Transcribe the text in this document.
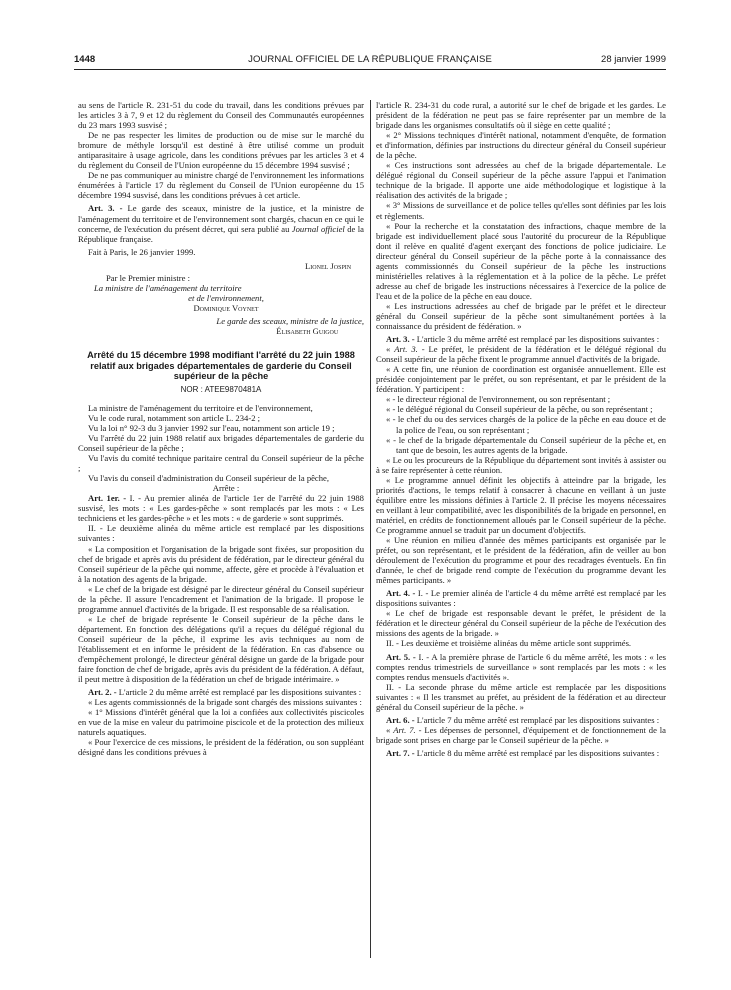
1448	JOURNAL OFFICIEL DE LA RÉPUBLIQUE FRANÇAISE	28 janvier 1999

au sens de l'article R. 231-51 du code du travail, dans les conditions prévues par les articles 3 à 7, 9 et 12 du règlement du Conseil des Communautés européennes du 23 mars 1993 susvisé ;

De ne pas respecter les limites de production ou de mise sur le marché du bromure de méthyle lorsqu'il est destiné à être utilisé comme un produit antiparasitaire à usage agricole, dans les conditions prévues par les articles 3 et 4 du règlement du Conseil de l'Union européenne du 15 décembre 1994 susvisé ;

De ne pas communiquer au ministre chargé de l'environnement les informations énumérées à l'article 17 du règlement du Conseil de l'Union européenne du 15 décembre 1994 susvisé, dans les conditions prévues à cet article.

Art. 3. - Le garde des sceaux, ministre de la justice, et la ministre de l'aménagement du territoire et de l'environnement sont chargés, chacun en ce qui le concerne, de l'exécution du présent décret, qui sera publié au Journal officiel de la République française.

Fait à Paris, le 26 janvier 1999.

Lionel Jospin

Par le Premier ministre :

La ministre de l'aménagement du territoire

et de l'environnement,

Dominique Voynet

Le garde des sceaux, ministre de la justice,

Élisabeth Guigou

Arrêté du 15 décembre 1998 modifiant l'arrêté du 22 juin 1988 relatif aux brigades départementales de garderie du Conseil supérieur de la pêche
NOR : ATEE9870481A

La ministre de l'aménagement du territoire et de l'environnement,

Vu le code rural, notamment son article L. 234-2 ;

Vu la loi n° 92-3 du 3 janvier 1992 sur l'eau, notamment son article 19 ;

Vu l'arrêté du 22 juin 1988 relatif aux brigades départementales de garderie du Conseil supérieur de la pêche ;

Vu l'avis du comité technique paritaire central du Conseil supérieur de la pêche ;

Vu l'avis du conseil d'administration du Conseil supérieur de la pêche,

Arrête :

Art. 1er. - I. - Au premier alinéa de l'article 1er de l'arrêté du 22 juin 1988 susvisé, les mots : « Les gardes-pêche » sont remplacés par les mots : « Les techniciens et les gardes-pêche » et les mots : « de garderie » sont supprimés.

II. - Le deuxième alinéa du même article est remplacé par les dispositions suivantes :

« La composition et l'organisation de la brigade sont fixées, sur proposition du chef de brigade et après avis du président de fédération, par le directeur général du Conseil supérieur de la pêche qui nomme, affecte, gère et procède à l'évaluation et à la notation des agents de la brigade.

« Le chef de la brigade est désigné par le directeur général du Conseil supérieur de la pêche. Il assure l'encadrement et l'animation de la brigade. Il propose le programme annuel d'activités de la brigade. Il est responsable de sa réalisation.

« Le chef de brigade représente le Conseil supérieur de la pêche dans le département. En fonction des délégations qu'il a reçues du délégué régional du Conseil supérieur de la pêche, il exprime les avis techniques au nom de l'établissement et en informe le président de la fédération. En cas d'absence ou d'empêchement prolongé, le directeur général désigne un garde de la brigade pour faire fonction de chef de brigade, après avis du président de la fédération. A défaut, il peut mettre à disposition de la fédération un chef de brigade intérimaire. »

Art. 2. - L'article 2 du même arrêté est remplacé par les dispositions suivantes :

« Les agents commissionnés de la brigade sont chargés des missions suivantes :

« 1° Missions d'intérêt général que la loi a confiées aux collectivités piscicoles en vue de la mise en valeur du patrimoine piscicole et de la protection des milieux naturels aquatiques.

« Pour l'exercice de ces missions, le président de la fédération, ou son suppléant désigné dans les conditions prévues à

l'article R. 234-31 du code rural, a autorité sur le chef de brigade et les gardes. Le président de la fédération ne peut pas se faire représenter par un membre de la brigade dans les organismes consultatifs où il siège en cette qualité ;

« 2° Missions techniques d'intérêt national, notamment d'enquête, de formation et d'information, définies par instructions du directeur général du Conseil supérieur de la pêche.

« Ces instructions sont adressées au chef de la brigade départementale. Le délégué régional du Conseil supérieur de la pêche assure l'appui et l'animation technique de la brigade. Il apporte une aide méthodologique et logistique à la réalisation des activités de la brigade ;

« 3° Missions de surveillance et de police telles qu'elles sont définies par les lois et règlements.

« Pour la recherche et la constatation des infractions, chaque membre de la brigade est individuellement placé sous l'autorité du procureur de la République dont il relève en qualité d'agent exerçant des fonctions de police judiciaire. Le directeur général du Conseil supérieur de la pêche porte à la connaissance des agents commissionnés du Conseil supérieur de la pêche les instructions ministérielles relatives à la réglementation et à la police de la pêche. Le préfet adresse au chef de brigade les instructions nécessaires à l'exercice de la police de l'eau et de la police de la pêche en eau douce.

« Les instructions adressées au chef de brigade par le préfet et le directeur général du Conseil supérieur de la pêche sont simultanément portées à la connaissance du président de fédération. »

Art. 3. - L'article 3 du même arrêté est remplacé par les dispositions suivantes :

« Art. 3. - Le préfet, le président de la fédération et le délégué régional du Conseil supérieur de la pêche fixent le programme annuel d'activités de la brigade.

« A cette fin, une réunion de coordination est organisée annuellement. Elle est présidée conjointement par le préfet, ou son représentant, et par le président de la fédération. Y participent :

« - le directeur régional de l'environnement, ou son représentant ;
« - le délégué régional du Conseil supérieur de la pêche, ou son représentant ;
« - le chef du ou des services chargés de la police de la pêche en eau douce et de la police de l'eau, ou son représentant ;
« - le chef de la brigade départementale du Conseil supérieur de la pêche et, en tant que de besoin, les autres agents de la brigade.

« Le ou les procureurs de la République du département sont invités à assister ou à se faire représenter à cette réunion.

« Le programme annuel définit les objectifs à atteindre par la brigade, les priorités d'actions, le temps relatif à consacrer à chacune en veillant à un juste équilibre entre les missions définies à l'article 2. Il précise les moyens nécessaires en veillant à leur compatibilité, avec les disponibilités de la brigade en personnel, en matériel, en crédits de fonctionnement alloués par le Conseil supérieur de la pêche. Ce programme annuel se traduit par un document d'objectifs.

« Une réunion en milieu d'année des mêmes participants est organisée par le préfet, ou son représentant, et le président de la fédération, afin de veiller au bon déroulement de l'exécution du programme et pour des recadrages éventuels. En fin d'année, le chef de brigade rend compte de l'exécution du programme devant les mêmes participants. »

Art. 4. - I. - Le premier alinéa de l'article 4 du même arrêté est remplacé par les dispositions suivantes :

« Le chef de brigade est responsable devant le préfet, le président de la fédération et le directeur général du Conseil supérieur de la pêche de l'exécution des missions des agents de la brigade. »

II. - Les deuxième et troisième alinéas du même article sont supprimés.

Art. 5. - I. - A la première phrase de l'article 6 du même arrêté, les mots : « les comptes rendus trimestriels de surveillance » sont remplacés par les mots : « les comptes rendus mensuels d'activités ».

II. - La seconde phrase du même article est remplacée par les dispositions suivantes : « Il les transmet au préfet, au président de la fédération et au directeur général du Conseil supérieur de la pêche. »

Art. 6. - L'article 7 du même arrêté est remplacé par les dispositions suivantes :

« Art. 7. - Les dépenses de personnel, d'équipement et de fonctionnement de la brigade sont prises en charge par le Conseil supérieur de la pêche. »

Art. 7. - L'article 8 du même arrêté est remplacé par les dispositions suivantes :
